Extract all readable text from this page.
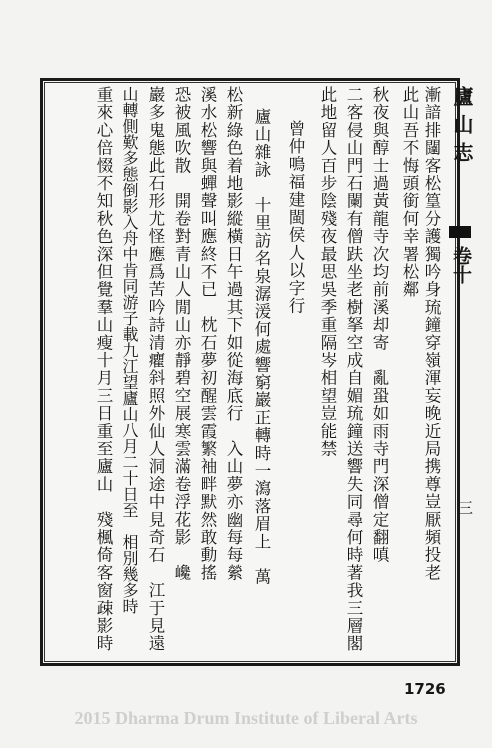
廬山志
卷十
三
漸諳排闥客松篁分護獨吟身琉鐘穿嶺渾妄晚近局携尊豈厭頻投老
此山吾不悔頭銜何幸署松鄰
秋夜與醇士過黃龍寺次均前溪却寄　亂蛩如雨寺門深僧定翻嗔
二客侵山門石闌有僧趺坐老樹拏空成自媚琉鐘送響失同尋何時著我三層閣
此地留人百步陰殘夜最思吳季重隔岑相望豈能禁
曾仲鳴福建閩侯人以字行
廬山雜詠　十里訪名泉潺湲何處響窮巖正轉時一瀉落眉上　萬
松新綠色着地影縱橫日午過其下如從海底行　入山夢亦幽每每縈
溪水松響與蟬聲叫應終不已　枕石夢初醒雲霞繁袖畔默然敢動搖
恐被風吹散　開卷對青山人閒山亦靜碧空展寒雲滿卷浮花影　巉
巖多鬼態此石形尤怪應爲苦吟詩清癯斜照外仙人洞途中見奇石　江于見遠
山轉側歎多態倒影入舟中肯同游子載九江望廬山八月二十日至　相別幾多時
重來心倍惙不知秋色深但覺羣山瘦十月三日重至廬山　殘楓倚客窗疎影時
1726
2015 Dharma Drum Institute of Liberal Arts
